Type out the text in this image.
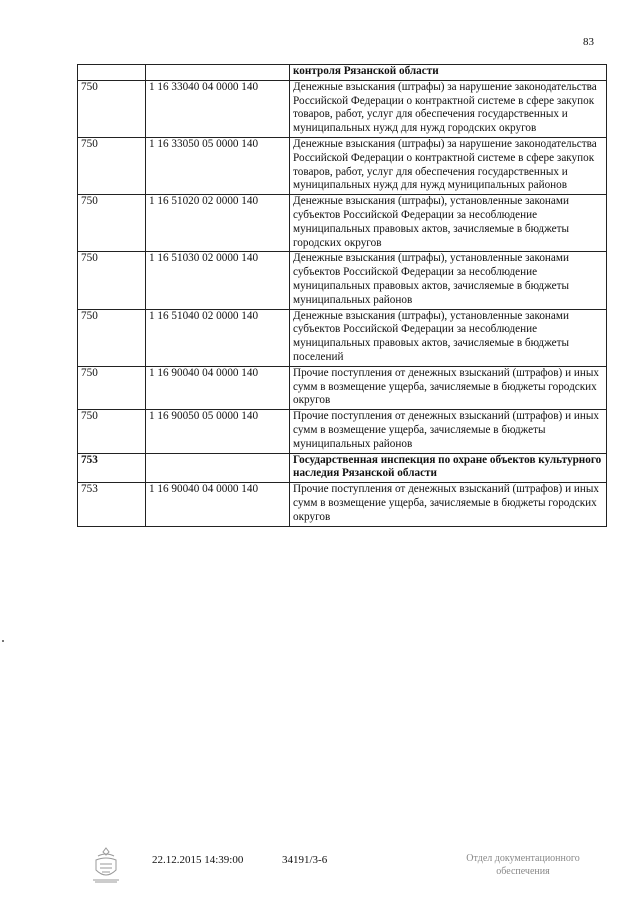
83
		контроля Рязанской области
750	1 16 33040 04 0000 140	Денежные взыскания (штрафы) за нарушение законодательства Российской Федерации о контрактной системе в сфере закупок товаров, работ, услуг для обеспечения государственных и муниципальных нужд для нужд городских округов
750	1 16 33050 05 0000 140	Денежные взыскания (штрафы) за нарушение законодательства Российской Федерации о контрактной системе в сфере закупок товаров, работ, услуг для обеспечения государственных и муниципальных нужд для нужд муниципальных районов
750	1 16 51020 02 0000 140	Денежные взыскания (штрафы), установленные законами субъектов Российской Федерации за несоблюдение муниципальных правовых актов, зачисляемые в бюджеты городских округов
750	1 16 51030 02 0000 140	Денежные взыскания (штрафы), установленные законами субъектов Российской Федерации за несоблюдение муниципальных правовых актов, зачисляемые в бюджеты муниципальных районов
750	1 16 51040 02 0000 140	Денежные взыскания (штрафы), установленные законами субъектов Российской Федерации за несоблюдение муниципальных правовых актов, зачисляемые в бюджеты поселений
750	1 16 90040 04 0000 140	Прочие поступления от денежных взысканий (штрафов) и иных сумм в возмещение ущерба, зачисляемые в бюджеты городских округов
750	1 16 90050 05 0000 140	Прочие поступления от денежных взысканий (штрафов) и иных сумм в возмещение ущерба, зачисляемые в бюджеты муниципальных районов
753		Государственная инспекция по охране объектов культурного наследия Рязанской области
753	1 16 90040 04 0000 140	Прочие поступления от денежных взысканий (штрафов) и иных сумм в возмещение ущерба, зачисляемые в бюджеты городских округов
22.12.2015 14:39:00	34191/3-6	Отдел документационного
обеспечения
